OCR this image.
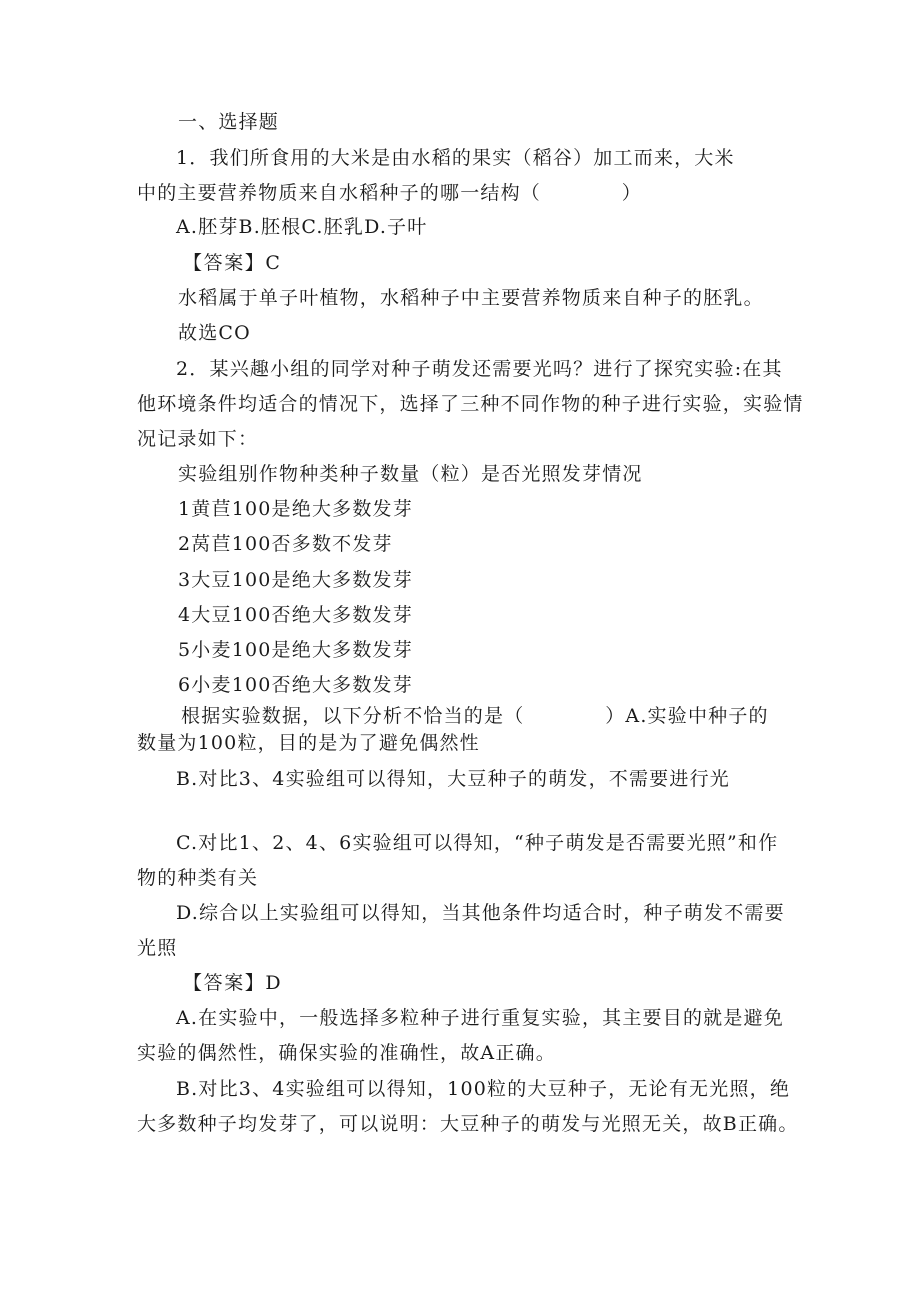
一、选择题
1．我们所食用的大米是由水稻的果实（稻谷）加工而来，大米
中的主要营养物质来自水稻种子的哪一结构（　　　　）
A.胚芽B.胚根C.胚乳D.子叶
【答案】C
水稻属于单子叶植物，水稻种子中主要营养物质来自种子的胚乳。
故选CO
2．某兴趣小组的同学对种子萌发还需要光吗？进行了探究实验:在其
他环境条件均适合的情况下，选择了三种不同作物的种子进行实验，实验情
况记录如下：
实验组别作物种类种子数量（粒）是否光照发芽情况
1黄苣100是绝大多数发芽
2莴苣100否多数不发芽
3大豆100是绝大多数发芽
4大豆100否绝大多数发芽
5小麦100是绝大多数发芽
6小麦100否绝大多数发芽
根据实验数据，以下分析不恰当的是（　　　　）A.实验中种子的
数量为100粒，目的是为了避免偶然性
B.对比3、4实验组可以得知，大豆种子的萌发，不需要进行光
C.对比1、2、4、6实验组可以得知，“种子萌发是否需要光照”和作
物的种类有关
D.综合以上实验组可以得知，当其他条件均适合时，种子萌发不需要
光照
【答案】D
A.在实验中，一般选择多粒种子进行重复实验，其主要目的就是避免
实验的偶然性，确保实验的准确性，故A正确。
B.对比3、4实验组可以得知，100粒的大豆种子，无论有无光照，绝
大多数种子均发芽了，可以说明：大豆种子的萌发与光照无关，故B正确。
